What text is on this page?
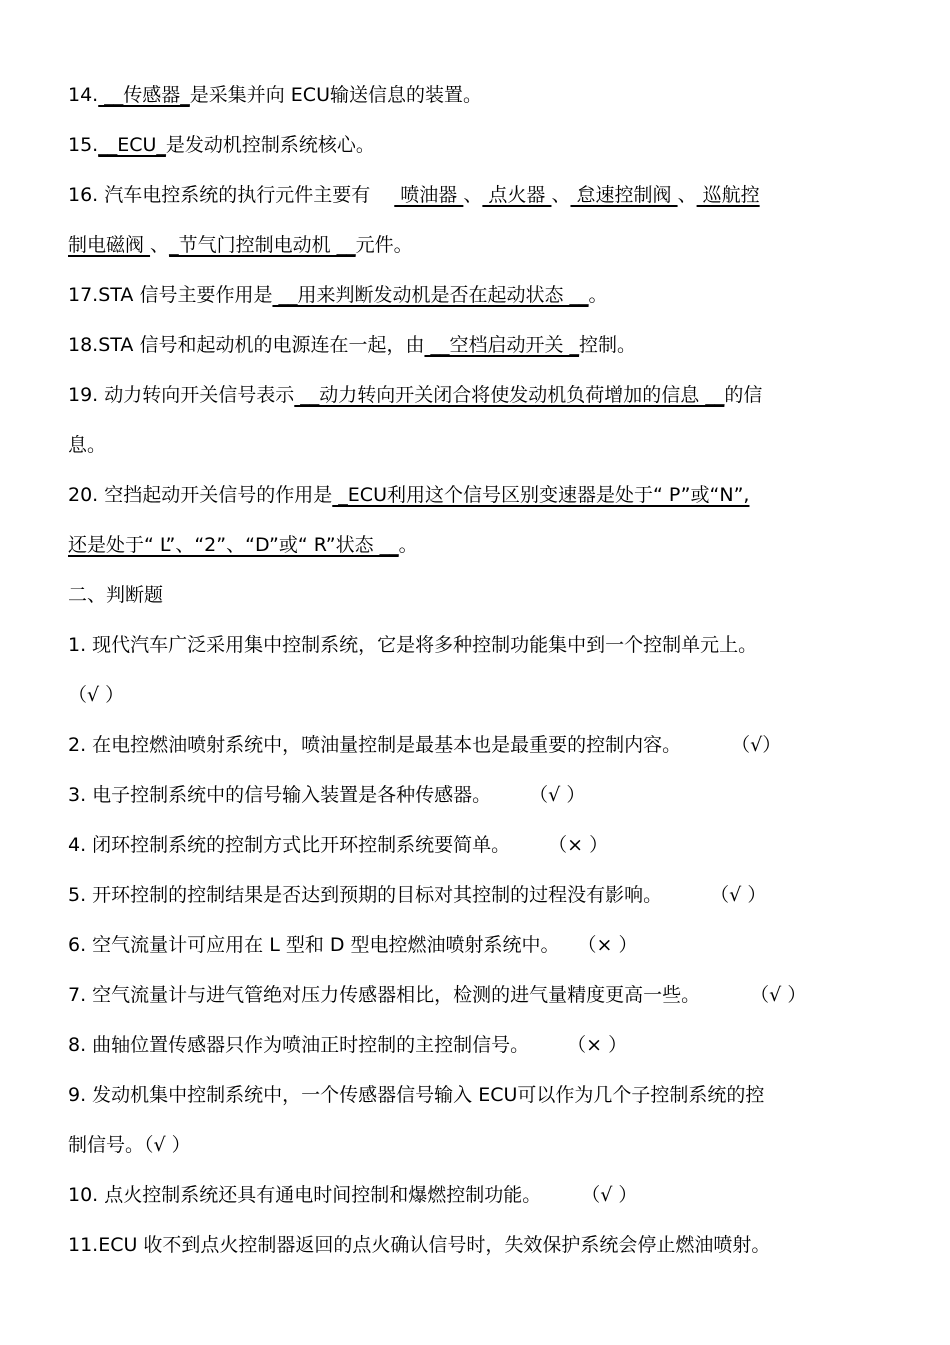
14. __传感器_是采集并向 ECU输送信息的装置。
15.__ECU_是发动机控制系统核心。
16. 汽车电控系统的执行元件主要有 喷油器 、 点火器 、 怠速控制阀 、 巡航控
制电磁阀 、_节气门控制电动机 __元件。
17.STA 信号主要作用是 __用来判断发动机是否在起动状态 __。
18.STA 信号和起动机的电源连在一起，由 __空档启动开关 _控制。
19. 动力转向开关信号表示 __动力转向开关闭合将使发动机负荷增加的信息 __的信
息。
20. 空挡起动开关信号的作用是 _ECU利用这个信号区别变速器是处于“ P”或“N”,
还是处于“ L”、“2”、“D”或“ R”状态 __。
二、判断题
1. 现代汽车广泛采用集中控制系统，它是将多种控制功能集中到一个控制单元上。
（√ ）
2. 在电控燃油喷射系统中，喷油量控制是最基本也是最重要的控制内容。	（√）
3. 电子控制系统中的信号输入装置是各种传感器。 （√ ）
4. 闭环控制系统的控制方式比开环控制系统要简单。 （× ）
5. 开环控制的控制结果是否达到预期的目标对其控制的过程没有影响。	（√ ）
6. 空气流量计可应用在 L 型和 D 型电控燃油喷射系统中。 （× ）
7. 空气流量计与进气管绝对压力传感器相比，检测的进气量精度更高一些。	（√ ）
8. 曲轴位置传感器只作为喷油正时控制的主控制信号。 （× ）
9. 发动机集中控制系统中，一个传感器信号输入 ECU可以作为几个子控制系统的控
制信号。（√ ）
10. 点火控制系统还具有通电时间控制和爆燃控制功能。 （√ ）
11.ECU 收不到点火控制器返回的点火确认信号时，失效保护系统会停止燃油喷射。
